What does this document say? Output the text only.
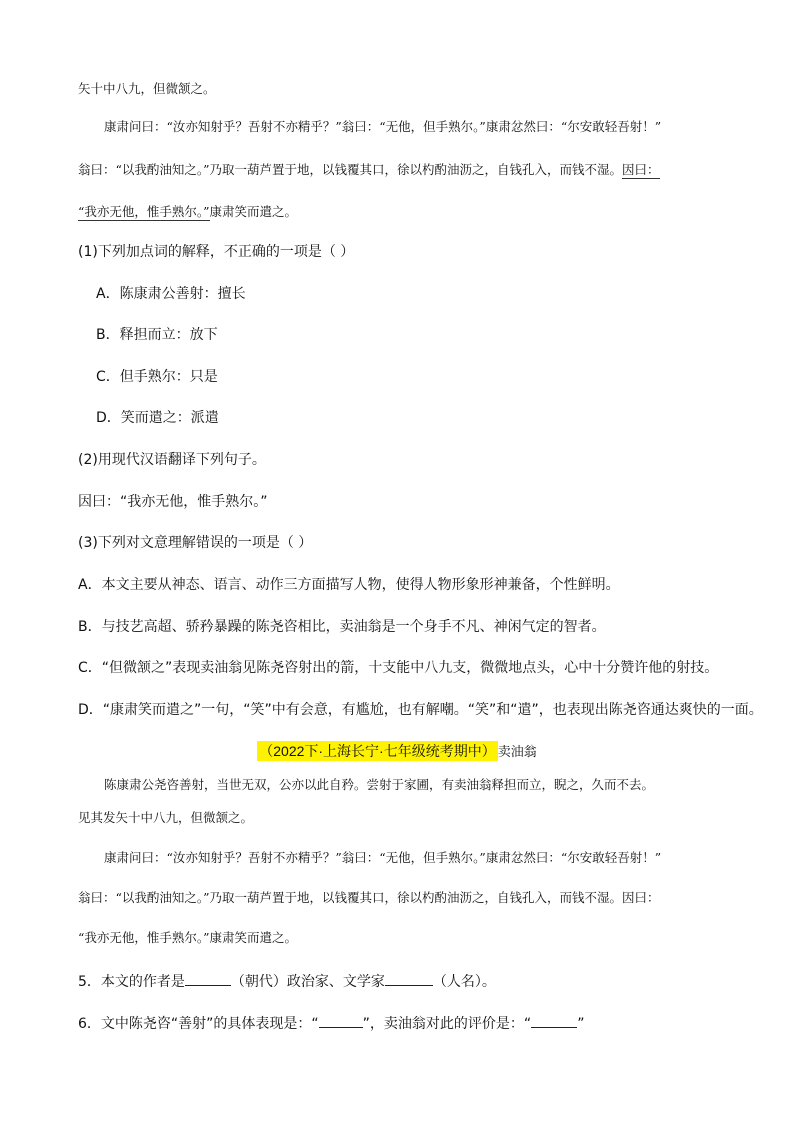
矢十中八九，但微颔之。
康肃问曰：“汝亦知射乎？吾射不亦精乎？”翁曰：“无他，但手熟尔。”康肃忿然曰：“尔安敢轻吾射！”
翁曰：“以我酌油知之。”乃取一葫芦置于地，以钱覆其口，徐以杓酌油沥之，自钱孔入，而钱不湿。因曰：
“我亦无他，惟手熟尔。”康肃笑而遣之。
(1)下列加点词的解释，不正确的一项是（ ）
A．陈康肃公善射：擅长
B．释担而立：放下
C．但手熟尔：只是
D．笑而遣之：派遣
(2)用现代汉语翻译下列句子。
因曰：“我亦无他，惟手熟尔。”
(3)下列对文意理解错误的一项是（ ）
A．本文主要从神态、语言、动作三方面描写人物，使得人物形象形神兼备，个性鲜明。
B．与技艺高超、骄矜暴躁的陈尧咨相比，卖油翁是一个身手不凡、神闲气定的智者。
C．“但微颔之”表现卖油翁见陈尧咨射出的箭，十支能中八九支，微微地点头，心中十分赞许他的射技。
D．“康肃笑而遣之”一句，“笑”中有会意，有尴尬，也有解嘲。“笑”和“遣”，也表现出陈尧咨通达爽快的一面。
（2022下·上海长宁·七年级统考期中） 卖油翁
陈康肃公尧咨善射，当世无双，公亦以此自矜。尝射于家圃，有卖油翁释担而立，睨之，久而不去。
见其发矢十中八九，但微颔之。
康肃问曰：“汝亦知射乎？吾射不亦精乎？”翁曰：“无他，但手熟尔。”康肃忿然曰：“尔安敢轻吾射！”
翁曰：“以我酌油知之。”乃取一葫芦置于地，以钱覆其口，徐以杓酌油沥之，自钱孔入，而钱不湿。因曰：
“我亦无他，惟手熟尔。”康肃笑而遣之。
5．本文的作者是	（朝代）政治家、文学家	（人名）。
6．文中陈尧咨“善射”的具体表现是：“	”，卖油翁对此的评价是：“	”
